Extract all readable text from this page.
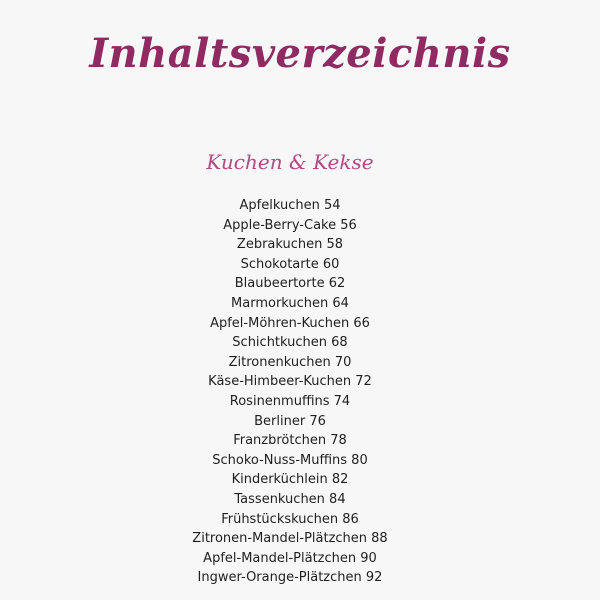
Inhaltsverzeichnis
Kuchen & Kekse
Apfelkuchen 54
Apple-Berry-Cake 56
Zebrakuchen 58
Schokotarte 60
Blaubeertorte 62
Marmorkuchen 64
Apfel-Möhren-Kuchen 66
Schichtkuchen 68
Zitronenkuchen 70
Käse-Himbeer-Kuchen 72
Rosinenmuffins 74
Berliner 76
Franzbrötchen 78
Schoko-Nuss-Muffins 80
Kinderküchlein 82
Tassenkuchen 84
Frühstückskuchen 86
Zitronen-Mandel-Plätzchen 88
Apfel-Mandel-Plätzchen 90
Ingwer-Orange-Plätzchen 92
